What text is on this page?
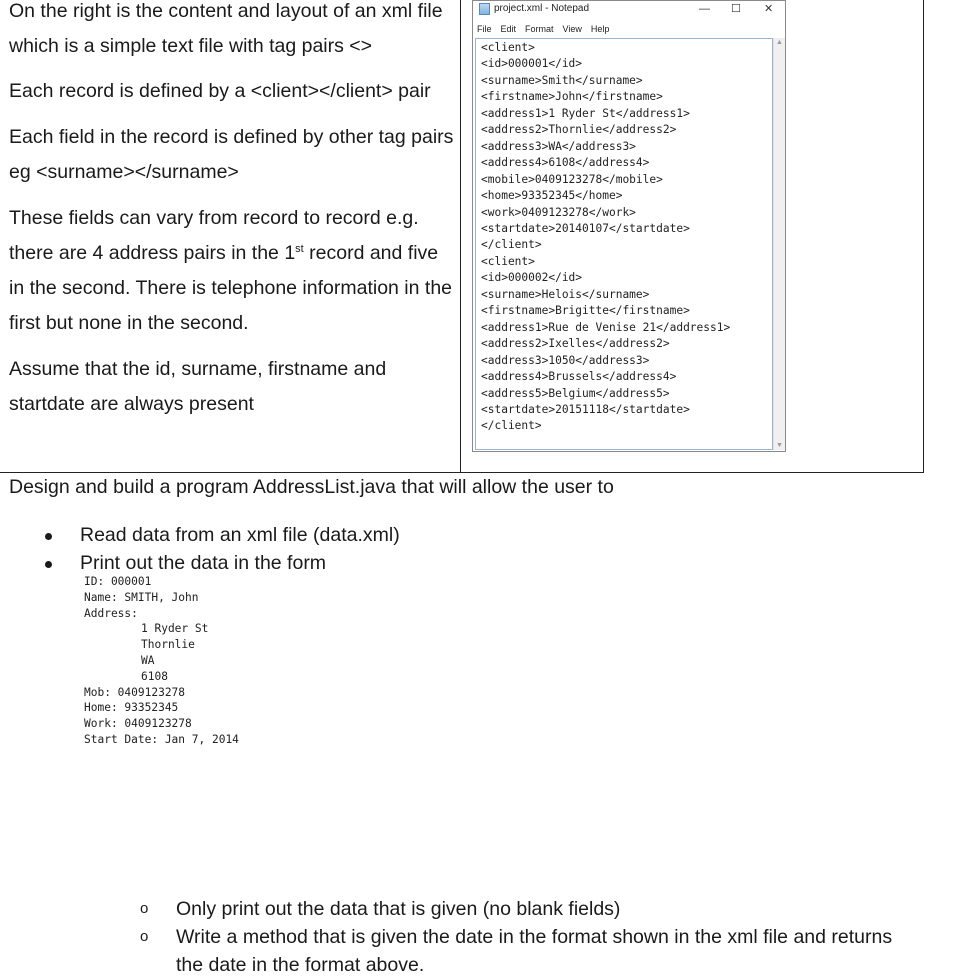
On the right is the content and layout of an xml file which is a simple text file with tag pairs <>

Each record is defined by a <client></client> pair

Each field in the record is defined by other tag pairs eg <surname></surname>

These fields can vary from record to record e.g. there are 4 address pairs in the 1st record and five in the second. There is telephone information in the first but none in the second.

Assume that the id, surname, firstname and startdate are always present

project.xml - Notepad	— ☐ ✕
File Edit Format View Help
<client>
<id>000001</id>
<surname>Smith</surname>
<firstname>John</firstname>
<address1>1 Ryder St</address1>
<address2>Thornlie</address2>
<address3>WA</address3>
<address4>6108</address4>
<mobile>0409123278</mobile>
<home>93352345</home>
<work>0409123278</work>
<startdate>20140107</startdate>
</client>
<client>
<id>000002</id>
<surname>Helois</surname>
<firstname>Brigitte</firstname>
<address1>Rue de Venise 21</address1>
<address2>Ixelles</address2>
<address3>1050</address3>
<address4>Brussels</address4>
<address5>Belgium</address5>
<startdate>20151118</startdate>
</client>
▲
▼

Design and build a program AddressList.java that will allow the user to

Read data from an xml file (data.xml)
Print out the data in the form
ID: 000001
Name: SMITH, John
Address:
1 Ryder St
Thornlie
WA
6108
Mob: 0409123278
Home: 93352345
Work: 0409123278
Start Date: Jan 7, 2014
o Only print out the data that is given (no blank fields)
o Write a method that is given the date in the format shown in the xml file and returns
the date in the format above.
